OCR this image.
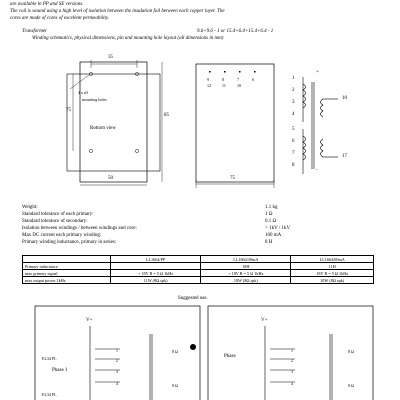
are available in PP and SE versions.
The coil is wound using a high level of isolation between the insulation foil between each copper layer. The
cores are made of cores of excellent permeability.
Transformer	9.6+9.6 - 1 or 15.4+6.4+15.4+6.4 - 1
Winding schematics, physical dimensions, pin and mounting hole layout (all dimensions in mm)
35
75
85
50	75
4 x ø3
mounting holes
Bottom view
9	8	7	6
12	11	10
1
2
3
4
5
6
7
8
10
17
+
-
Weight:	1.1 kg
Standard tolerance of each primary:	1 Ω
Standard tolerance of secondary:	0.1 Ω
Isolation between windings / between windings and core:	> 1kV / 1kV
Max DC current each primary winding:	100 mA
Primary winding inductance, primary in series:	8 H
	LL1664/PP	LL1664/30mA	LL1664/60mA
Primary inductance		18H	11H
max primary signal	+ 18V R = 5 Ω 1kHz	+ 18V R = 5 Ω 1kHz	18V R = 5 Ω 1kHz
max output power 1kHz	11W (8Ω spk)	10W (8Ω spk)	10W (8Ω spk)
Suggested use.
V+
EL34 PL
Phase 1
EL34 PL
1
2
3
4
8 Ω
0 Ω
V+
Phase
1
2
3
4
8 Ω
0 Ω
